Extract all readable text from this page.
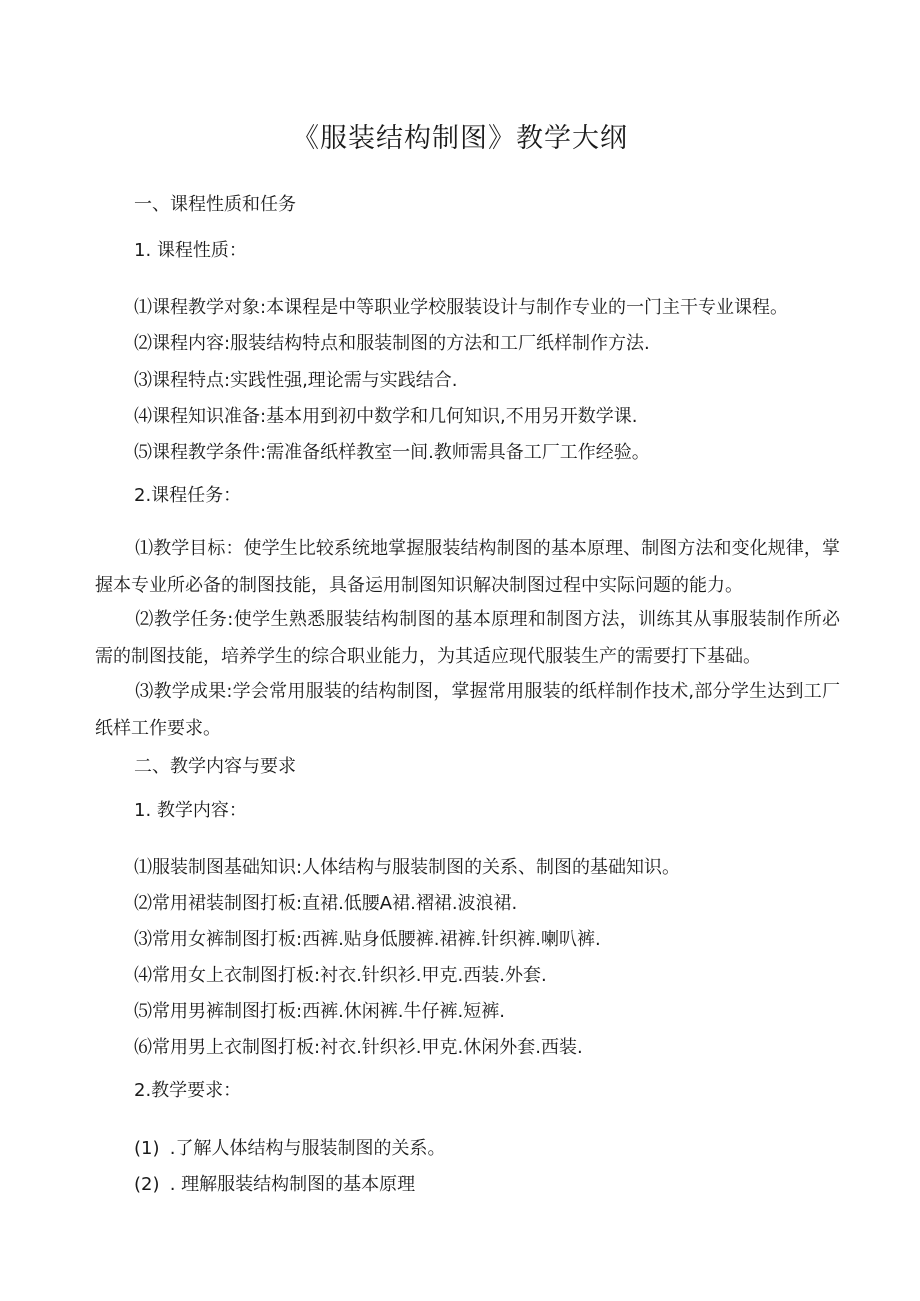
《服装结构制图》教学大纲
一、课程性质和任务
1. 课程性质：
⑴课程教学对象:本课程是中等职业学校服装设计与制作专业的一门主干专业课程。
⑵课程内容:服装结构特点和服装制图的方法和工厂纸样制作方法.
⑶课程特点:实践性强,理论需与实践结合.
⑷课程知识准备:基本用到初中数学和几何知识,不用另开数学课.
⑸课程教学条件:需准备纸样教室一间.教师需具备工厂工作经验。
2.课程任务：
⑴教学目标：使学生比较系统地掌握服装结构制图的基本原理、制图方法和变化规律，掌握本专业所必备的制图技能，具备运用制图知识解决制图过程中实际问题的能力。
⑵教学任务:使学生熟悉服装结构制图的基本原理和制图方法，训练其从事服装制作所必需的制图技能，培养学生的综合职业能力，为其适应现代服装生产的需要打下基础。
⑶教学成果:学会常用服装的结构制图，掌握常用服装的纸样制作技术,部分学生达到工厂纸样工作要求。
二、教学内容与要求
1. 教学内容：
⑴服装制图基础知识:人体结构与服装制图的关系、制图的基础知识。
⑵常用裙装制图打板:直裙.低腰A裙.褶裙.波浪裙.
⑶常用女裤制图打板:西裤.贴身低腰裤.裙裤.针织裤.喇叭裤.
⑷常用女上衣制图打板:衬衣.针织衫.甲克.西装.外套.
⑸常用男裤制图打板:西裤.休闲裤.牛仔裤.短裤.
⑹常用男上衣制图打板:衬衣.针织衫.甲克.休闲外套.西装.
2.教学要求：
(1) .了解人体结构与服装制图的关系。
(2) . 理解服装结构制图的基本原理
